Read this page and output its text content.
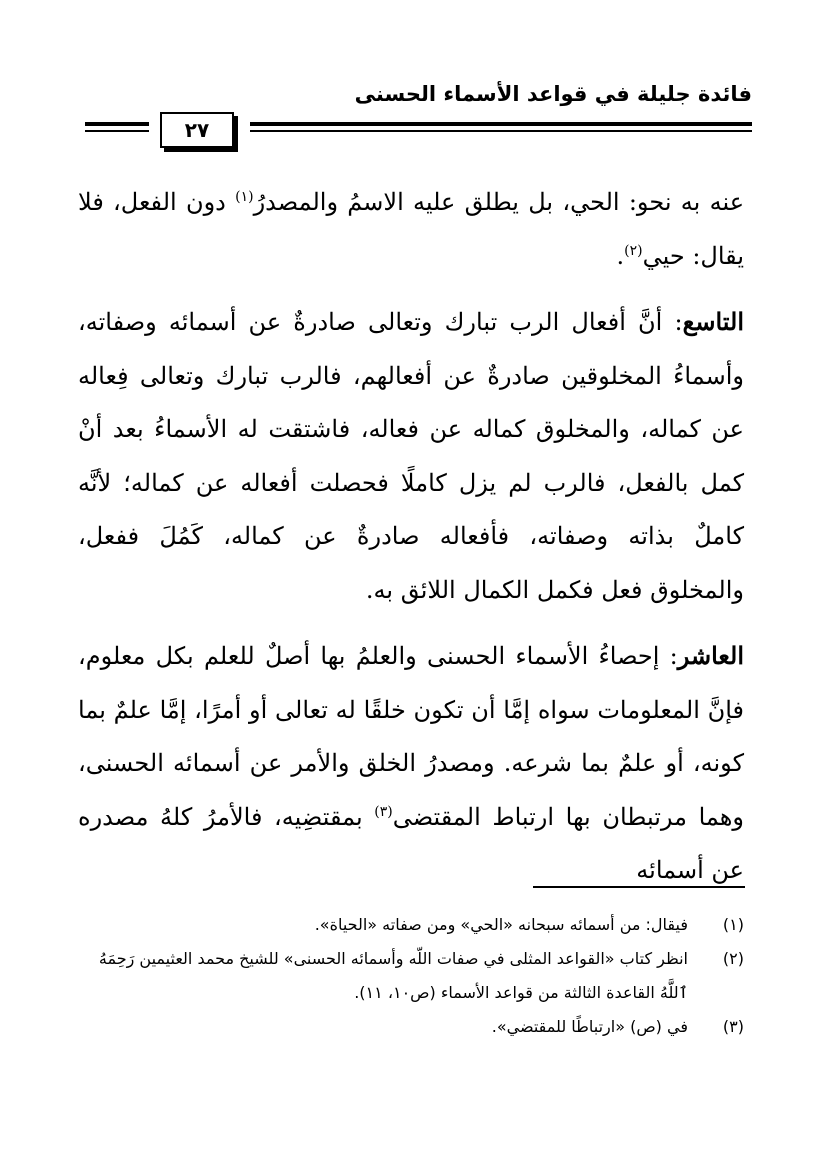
فائدة جليلة في قواعد الأسماء الحسنى
٢٧

عنه به نحو: الحي، بل يطلق عليه الاسمُ والمصدرُ$^{(١)}$ دون الفعل، فلا يقال: حيي$^{(٢)}$.

التاسع: أنَّ أفعال الرب تبارك وتعالى صادرةٌ عن أسمائه وصفاته، وأسماءُ المخلوقين صادرةٌ عن أفعالهم، فالرب تبارك وتعالى فِعاله عن كماله، والمخلوق كماله عن فعاله، فاشتقت له الأسماءُ بعد أنْ كمل بالفعل، فالرب لم يزل كاملًا فحصلت أفعاله عن كماله؛ لأنَّه كاملٌ بذاته وصفاته، فأفعاله صادرةٌ عن كماله، كَمُلَ ففعل، والمخلوق فعل فكمل الكمال اللائق به.

العاشر: إحصاءُ الأسماء الحسنى والعلمُ بها أصلٌ للعلم بكل معلوم، فإنَّ المعلومات سواه إمَّا أن تكون خلقًا له تعالى أو أمرًا، إمَّا علمٌ بما كونه، أو علمٌ بما شرعه. ومصدرُ الخلق والأمر عن أسمائه الحسنى، وهما مرتبطان بها ارتباط المقتضى$^{(٣)}$ بمقتضِيه، فالأمرُ كلهُ مصدره عن أسمائه

(١)
فيقال: من أسمائه سبحانه «الحي» ومن صفاته «الحياة».
(٢)
انظر كتاب «القواعد المثلى في صفات اللّه وأسمائه الحسنى» للشيخ محمد العثيمين رَحِمَهُ ٱللَّهُ القاعدة الثالثة من قواعد الأسماء (ص١٠، ١١).
(٣)
في (ص) «ارتباطًا للمقتضي».
